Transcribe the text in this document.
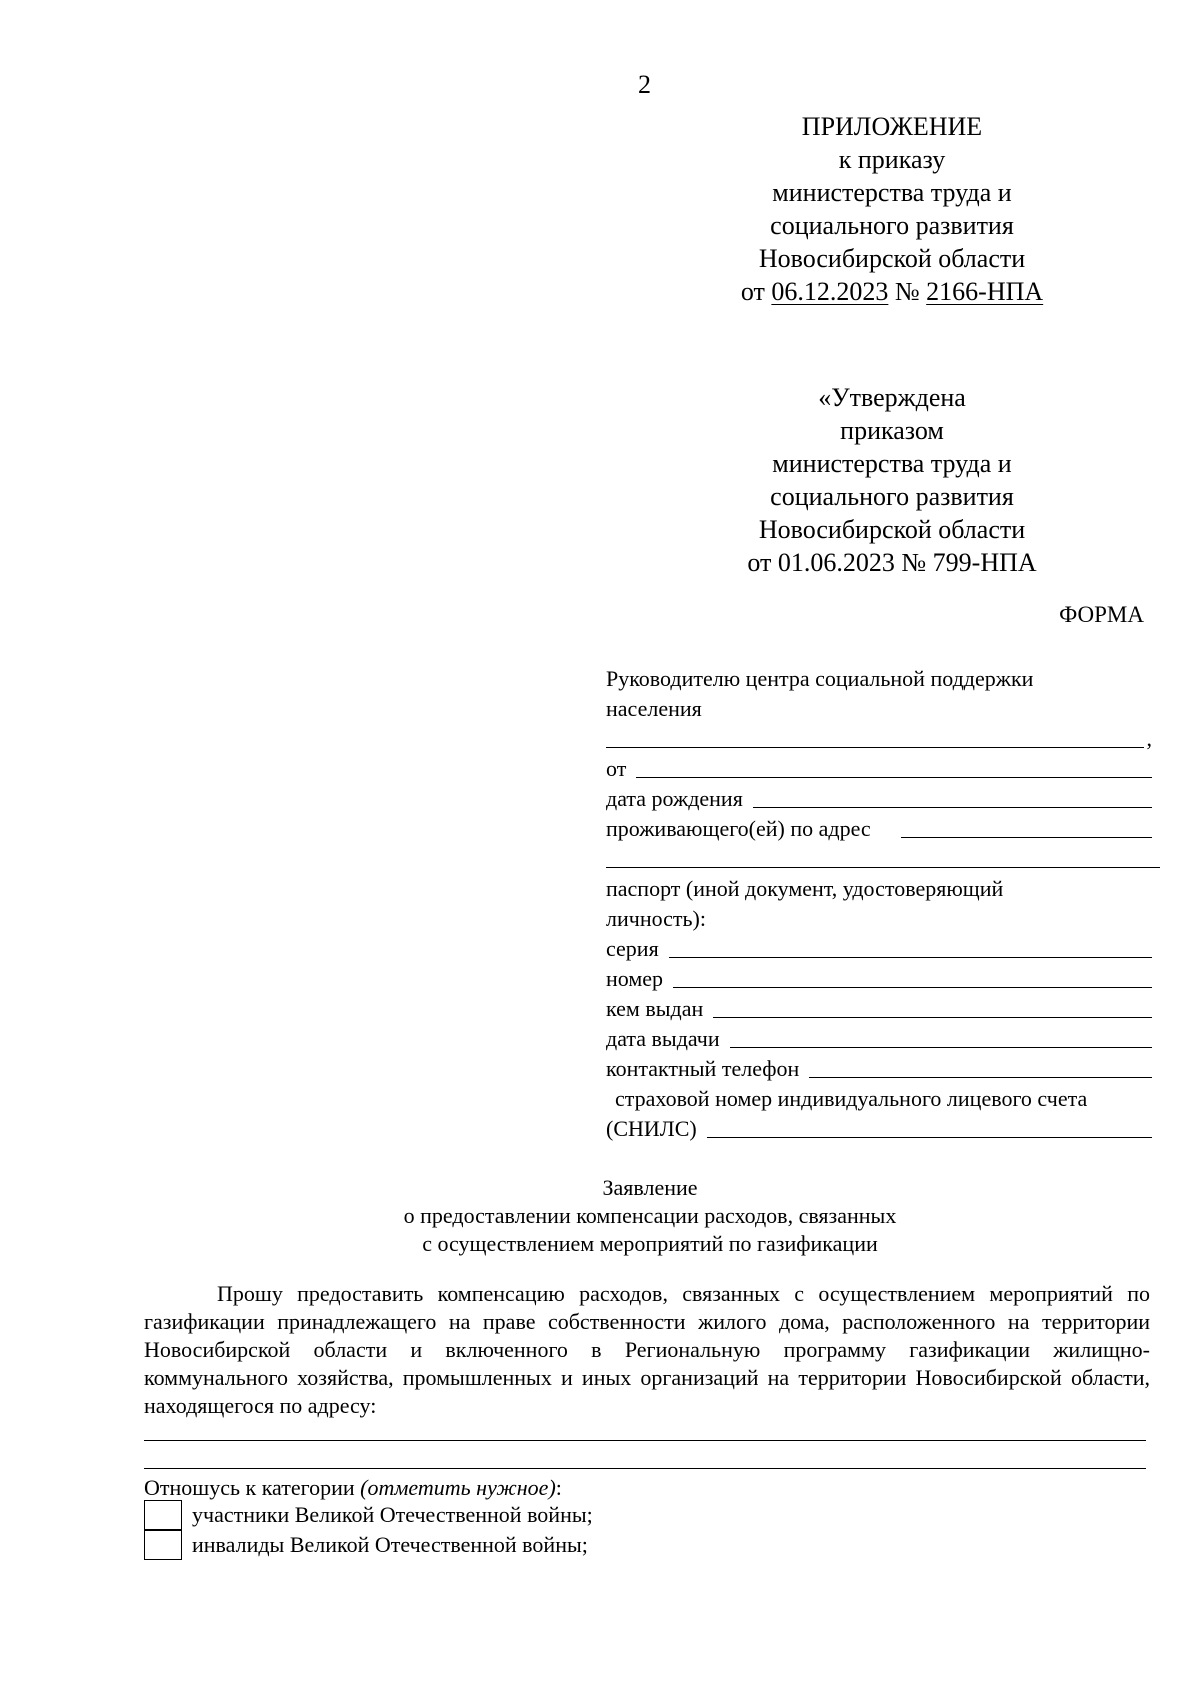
2
ПРИЛОЖЕНИЕ
к приказу
министерства труда и
социального развития
Новосибирской области
от 06.12.2023 № 2166-НПА
«Утверждена
приказом
министерства труда и
социального развития
Новосибирской области
от 01.06.2023 № 799-НПА
ФОРМА
Руководителю центра социальной поддержки
населения
,
от
дата рождения
проживающего(ей) по адрес
паспорт (иной документ, удостоверяющий
личность):
серия
номер
кем выдан
дата выдачи
контактный телефон
страховой номер индивидуального лицевого счета
(СНИЛС)
Заявление
о предоставлении компенсации расходов, связанных
с осуществлением мероприятий по газификации

Прошу предоставить компенсацию расходов, связанных с осуществлением мероприятий по газификации принадлежащего на праве собственности жилого дома, расположенного на территории Новосибирской области и включенного в Региональную программу газификации жилищно-коммунального хозяйства, промышленных и иных организаций на территории Новосибирской области, находящегося по адресу:

Отношусь к категории (отметить нужное):
участники Великой Отечественной войны;
инвалиды Великой Отечественной войны;
